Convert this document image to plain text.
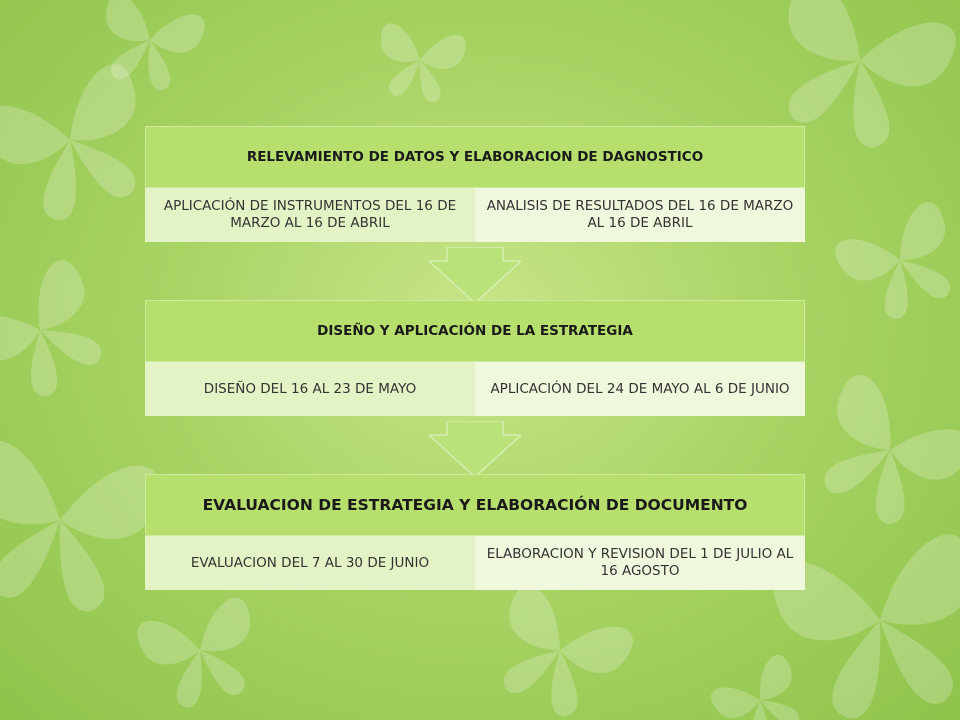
RELEVAMIENTO DE DATOS Y ELABORACION DE DAGNOSTICO
APLICACIÓN DE INSTRUMENTOS DEL 16 DE MARZO AL 16 DE ABRIL
ANALISIS DE RESULTADOS DEL 16 DE MARZO AL 16 DE ABRIL
DISEÑO Y APLICACIÓN DE LA ESTRATEGIA
DISEÑO DEL 16 AL 23 DE MAYO	APLICACIÓN DEL 24 DE MAYO AL 6 DE JUNIO
EVALUACION DE ESTRATEGIA Y ELABORACIÓN DE DOCUMENTO
EVALUACION DEL 7 AL 30 DE JUNIO
ELABORACION Y REVISION DEL 1 DE JULIO AL 16 AGOSTO
